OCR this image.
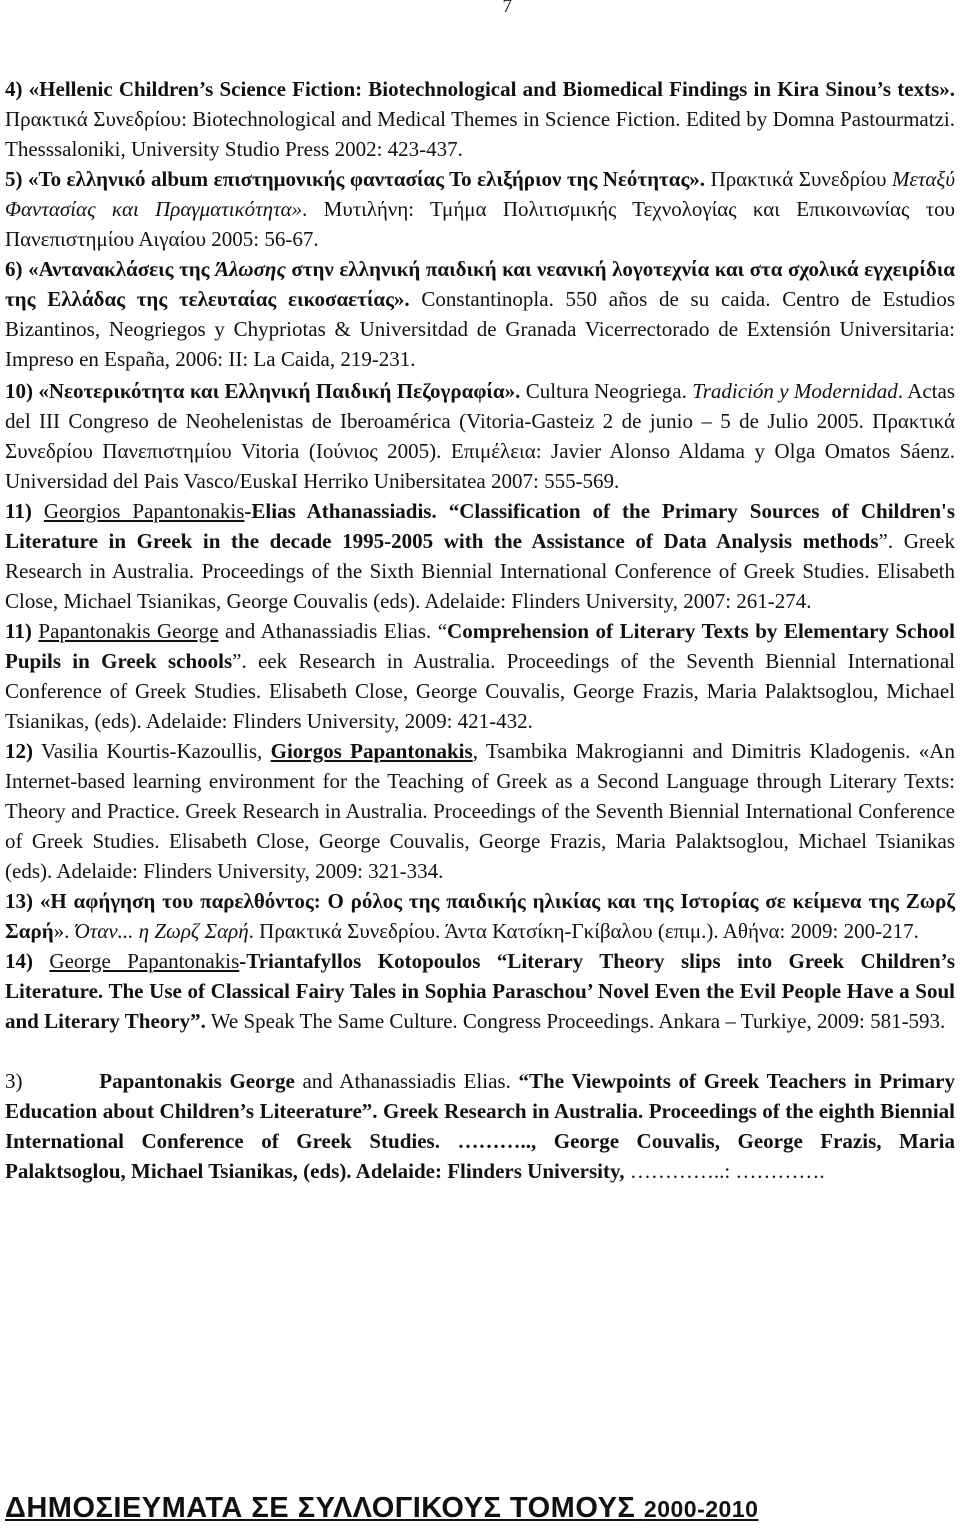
7

4) «Hellenic Children’s Science Fiction: Biotechnological and Biomedical Findings in Kira Sinou’s texts». Πρακτικά Συνεδρίου: Biotechnological and Medical Themes in Science Fiction. Edited by Domna Pastourmatzi. Thesssaloniki, University Studio Press 2002: 423-437.

5) «Το ελληνικό album επιστημονικής φαντασίας Το ελιξήριον της Νεότητας». Πρακτικά Συνεδρίου Μεταξύ Φαντασίας και Πραγματικότητα». Μυτιλήνη: Τμήμα Πολιτισμικής Τεχνολογίας και Επικοινωνίας του Πανεπιστημίου Αιγαίου 2005: 56-67.

6) «Αντανακλάσεις της Άλωσης στην ελληνική παιδική και νεανική λογοτεχνία και στα σχολικά εγχειρίδια της Ελλάδας της τελευταίας εικοσαετίας». Constantinopla. 550 años de su caida. Centro de Estudios Bizantinos, Neogriegos y Chypriotas & Universitdad de Granada Vicerrectorado de Extensión Universitaria: Impreso en España, 2006: II: La Caida, 219-231.

10) «Νεοτερικότητα και Ελληνική Παιδική Πεζογραφία». Cultura Neogriega. Tradición y Modernidad. Actas del III Congreso de Neohelenistas de Iberoamérica (Vitoria-Gasteiz 2 de junio – 5 de Julio 2005. Πρακτικά Συνεδρίου Πανεπιστημίου Vitoria (Ιούνιος 2005). Επιμέλεια: Javier Alonso Aldama y Olga Omatos Sáenz. Universidad del Pais Vasco/EuskaI Herriko Unibersitatea 2007: 555-569.

11) Georgios Papantonakis-Elias Athanassiadis. “Classification of the Primary Sources of Children's Literature in Greek in the decade 1995-2005 with the Assistance of Data Analysis methods”. Greek Research in Australia. Proceedings of the Sixth Biennial International Conference of Greek Studies. Elisabeth Close, Michael Tsianikas, George Couvalis (eds). Adelaide: Flinders University, 2007: 261-274.

11) Papantonakis George and Athanassiadis Elias. “Comprehension of Literary Texts by Elementary School Pupils in Greek schools”. eek Research in Australia. Proceedings of the Seventh Biennial International Conference of Greek Studies. Elisabeth Close, George Couvalis, George Frazis, Maria Palaktsoglou, Michael Tsianikas, (eds). Adelaide: Flinders University, 2009: 421-432.

12) Vasilia Kourtis-Kazoullis, Giorgos Papantonakis, Tsambika Makrogianni and Dimitris Kladogenis. «An Internet-based learning environment for the Teaching of Greek as a Second Language through Literary Texts: Theory and Practice. Greek Research in Australia. Proceedings of the Seventh Biennial International Conference of Greek Studies. Elisabeth Close, George Couvalis, George Frazis, Maria Palaktsoglou, Michael Tsianikas (eds). Adelaide: Flinders University, 2009: 321-334.

13) «Η αφήγηση του παρελθόντος: Ο ρόλος της παιδικής ηλικίας και της Ιστορίας σε κείμενα της Ζωρζ Σαρή». Όταν... η Ζωρζ Σαρή. Πρακτικά Συνεδρίου. Άντα Κατσίκη-Γκίβαλου (επιμ.). Αθήνα: 2009: 200-217.

14) George Papantonakis-Triantafyllos Kotopoulos “Literary Theory slips into Greek Children’s Literature. The Use of Classical Fairy Tales in Sophia Paraschou’ Novel Even the Evil People Have a Soul and Literary Theory”. We Speak The Same Culture. Congress Proceedings. Ankara – Turkiye, 2009: 581-593.

3)	Papantonakis George and Athanassiadis Elias. “The Viewpoints of Greek Teachers in Primary Education about Children’s Liteerature”. Greek Research in Australia. Proceedings of the eighth Biennial International Conference of Greek Studies. ……….., George Couvalis, George Frazis, Maria Palaktsoglou, Michael Tsianikas, (eds). Adelaide: Flinders University, …………..: ………….

ΔΗΜΟΣΙΕΥΜΑΤΑ ΣΕ ΣΥΛΛΟΓΙΚΟΥΣ ΤΟΜΟΥΣ 2000-2010
